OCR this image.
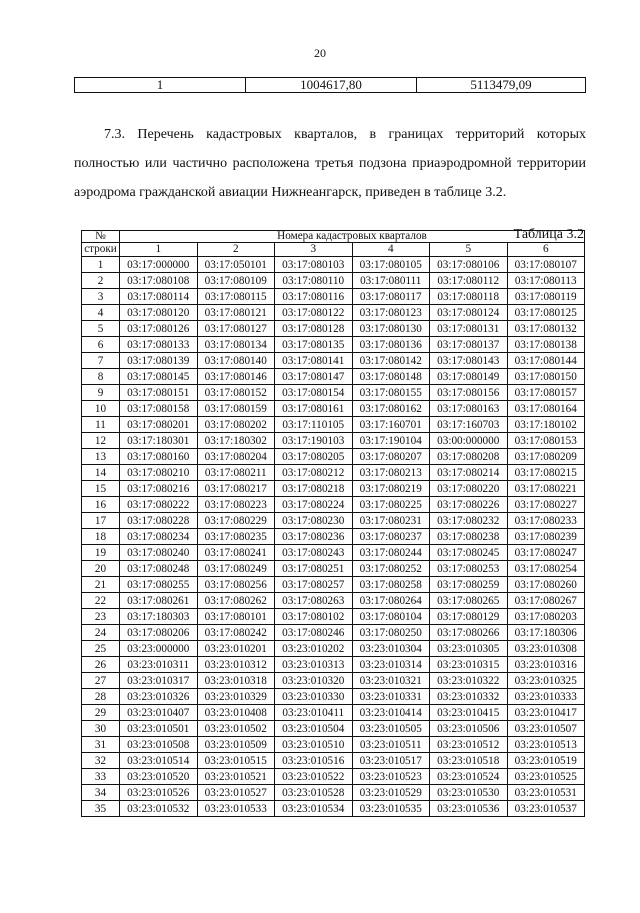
20
1	1004617,80	5113479,09
7.3. Перечень кадастровых кварталов, в границах территорий которых
полностью или частично расположена третья подзона приаэродромной территории
аэродрома гражданской авиации Нижнеангарск, приведен в таблице 3.2.
Таблица 3.2
№	Номера кадастровых кварталов					
строки	1	2	3	4	5	6
1	03:17:000000	03:17:050101	03:17:080103	03:17:080105	03:17:080106	03:17:080107
2	03:17:080108	03:17:080109	03:17:080110	03:17:080111	03:17:080112	03:17:080113
3	03:17:080114	03:17:080115	03:17:080116	03:17:080117	03:17:080118	03:17:080119
4	03:17:080120	03:17:080121	03:17:080122	03:17:080123	03:17:080124	03:17:080125
5	03:17:080126	03:17:080127	03:17:080128	03:17:080130	03:17:080131	03:17:080132
6	03:17:080133	03:17:080134	03:17:080135	03:17:080136	03:17:080137	03:17:080138
7	03:17:080139	03:17:080140	03:17:080141	03:17:080142	03:17:080143	03:17:080144
8	03:17:080145	03:17:080146	03:17:080147	03:17:080148	03:17:080149	03:17:080150
9	03:17:080151	03:17:080152	03:17:080154	03:17:080155	03:17:080156	03:17:080157
10	03:17:080158	03:17:080159	03:17:080161	03:17:080162	03:17:080163	03:17:080164
11	03:17:080201	03:17:080202	03:17:110105	03:17:160701	03:17:160703	03:17:180102
12	03:17:180301	03:17:180302	03:17:190103	03:17:190104	03:00:000000	03:17:080153
13	03:17:080160	03:17:080204	03:17:080205	03:17:080207	03:17:080208	03:17:080209
14	03:17:080210	03:17:080211	03:17:080212	03:17:080213	03:17:080214	03:17:080215
15	03:17:080216	03:17:080217	03:17:080218	03:17:080219	03:17:080220	03:17:080221
16	03:17:080222	03:17:080223	03:17:080224	03:17:080225	03:17:080226	03:17:080227
17	03:17:080228	03:17:080229	03:17:080230	03:17:080231	03:17:080232	03:17:080233
18	03:17:080234	03:17:080235	03:17:080236	03:17:080237	03:17:080238	03:17:080239
19	03:17:080240	03:17:080241	03:17:080243	03:17:080244	03:17:080245	03:17:080247
20	03:17:080248	03:17:080249	03:17:080251	03:17:080252	03:17:080253	03:17:080254
21	03:17:080255	03:17:080256	03:17:080257	03:17:080258	03:17:080259	03:17:080260
22	03:17:080261	03:17:080262	03:17:080263	03:17:080264	03:17:080265	03:17:080267
23	03:17:180303	03:17:080101	03:17:080102	03:17:080104	03:17:080129	03:17:080203
24	03:17:080206	03:17:080242	03:17:080246	03:17:080250	03:17:080266	03:17:180306
25	03:23:000000	03:23:010201	03:23:010202	03:23:010304	03:23:010305	03:23:010308
26	03:23:010311	03:23:010312	03:23:010313	03:23:010314	03:23:010315	03:23:010316
27	03:23:010317	03:23:010318	03:23:010320	03:23:010321	03:23:010322	03:23:010325
28	03:23:010326	03:23:010329	03:23:010330	03:23:010331	03:23:010332	03:23:010333
29	03:23:010407	03:23:010408	03:23:010411	03:23:010414	03:23:010415	03:23:010417
30	03:23:010501	03:23:010502	03:23:010504	03:23:010505	03:23:010506	03:23:010507
31	03:23:010508	03:23:010509	03:23:010510	03:23:010511	03:23:010512	03:23:010513
32	03:23:010514	03:23:010515	03:23:010516	03:23:010517	03:23:010518	03:23:010519
33	03:23:010520	03:23:010521	03:23:010522	03:23:010523	03:23:010524	03:23:010525
34	03:23:010526	03:23:010527	03:23:010528	03:23:010529	03:23:010530	03:23:010531
35	03:23:010532	03:23:010533	03:23:010534	03:23:010535	03:23:010536	03:23:010537
